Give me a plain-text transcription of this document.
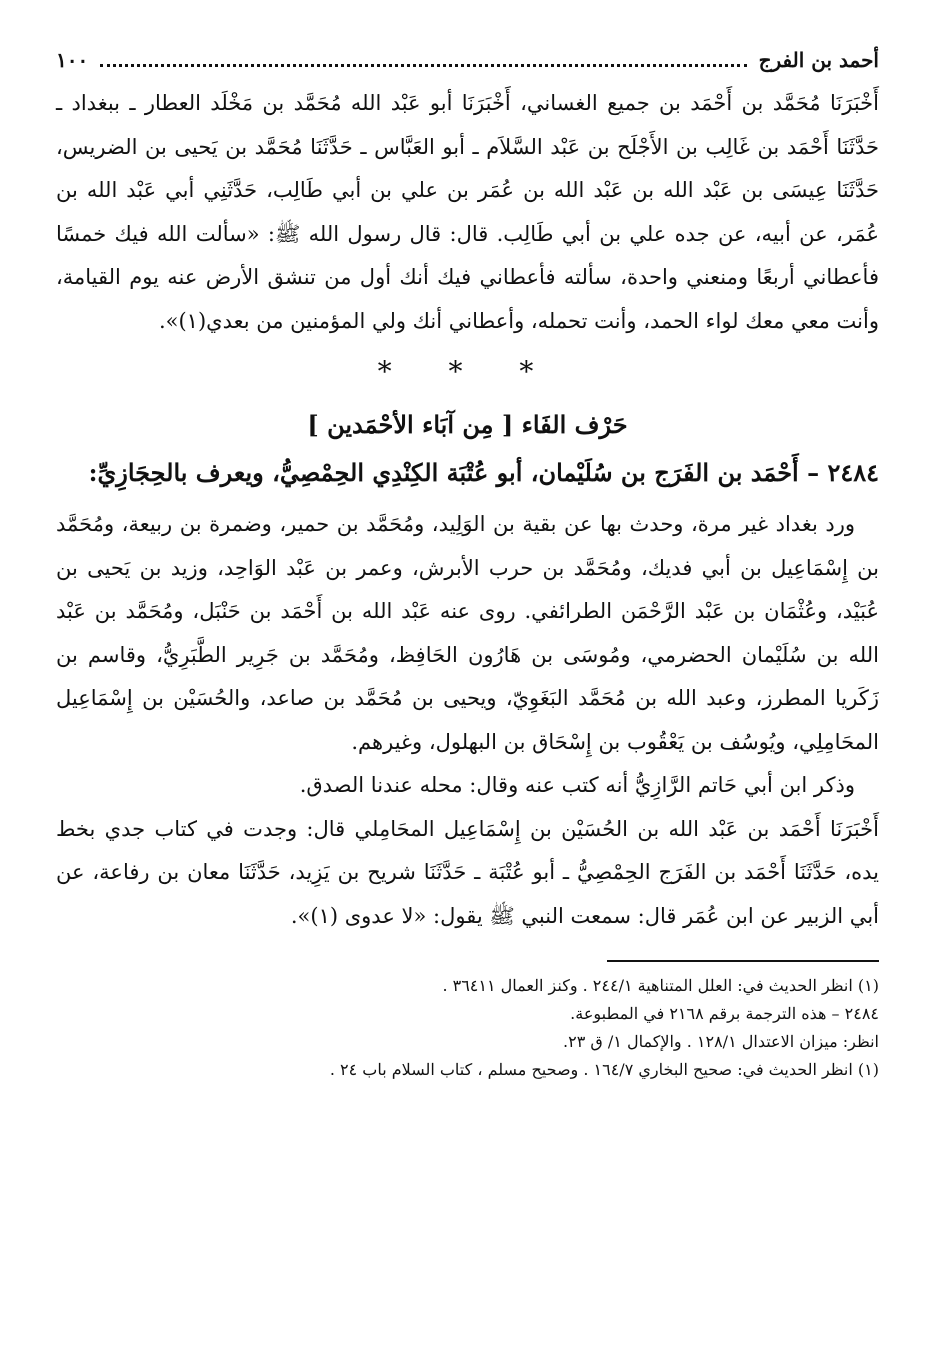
أحمد بن الفرج
١٠٠

أَخْبَرَنَا مُحَمَّد بن أَحْمَد بن جميع الغساني، أَخْبَرَنَا أبو عَبْد الله مُحَمَّد بن مَخْلَد العطار ـ ببغداد ـ حَدَّثَنَا أَحْمَد بن غَالِب بن الأَجْلَح بن عَبْد السَّلاَم ـ أبو العَبَّاس ـ حَدَّثَنَا مُحَمَّد بن يَحيى بن الضريس، حَدَّثَنَا عِيسَى بن عَبْد الله بن عَبْد الله بن عُمَر بن علي بن أبي طَالِب، حَدَّثَنِي أبي عَبْد الله بن عُمَر، عن أبيه، عن جده علي بن أبي طَالِب. قال: قال رسول الله ﷺ: «سألت الله فيك خمسًا فأعطاني أربعًا ومنعني واحدة، سألته فأعطاني فيك أنك أول من تنشق الأرض عنه يوم القيامة، وأنت معي معك لواء الحمد، وأنت تحمله، وأعطاني أنك ولي المؤمنين من بعدي(١)».

* * *
حَرْف الفَاء [ مِن آبَاء الأحْمَدين ]
٢٤٨٤ – أَحْمَد بن الفَرَج بن سُلَيْمان، أبو عُتْبَة الكِنْدِي الحِمْصِيُّ، ويعرف بالحِجَازِيِّ:

ورد بغداد غير مرة، وحدث بها عن بقية بن الوَلِيد، ومُحَمَّد بن حمير، وضمرة بن ربيعة، ومُحَمَّد بن إِسْمَاعِيل بن أبي فديك، ومُحَمَّد بن حرب الأبرش، وعمر بن عَبْد الوَاحِد، وزيد بن يَحيى بن عُبَيْد، وعُثْمَان بن عَبْد الرَّحْمَن الطرائفي. روى عنه عَبْد الله بن أَحْمَد بن حَنْبَل، ومُحَمَّد بن عَبْد الله بن سُلَيْمان الحضرمي، ومُوسَى بن هَارُون الحَافِظ، ومُحَمَّد بن جَرِير الطَّبَرِيُّ، وقاسم بن زَكَريا المطرز، وعبد الله بن مُحَمَّد البَغَوِيّ، ويحيى بن مُحَمَّد بن صاعد، والحُسَيْن بن إِسْمَاعِيل المحَامِلِي، ويُوسُف بن يَعْقُوب بن إِسْحَاق بن البهلول، وغيرهم.

وذكر ابن أبي حَاتم الرَّازِيُّ أنه كتب عنه وقال: محله عندنا الصدق.

أَخْبَرَنَا أَحْمَد بن عَبْد الله بن الحُسَيْن بن إِسْمَاعِيل المحَامِلي قال: وجدت في كتاب جدي بخط يده، حَدَّثَنَا أَحْمَد بن الفَرَج الحِمْصِيُّ ـ أبو عُتْبَة ـ حَدَّثَنَا شريح بن يَزِيد، حَدَّثَنَا معان بن رفاعة، عن أبي الزبير عن ابن عُمَر قال: سمعت النبي ﷺ يقول: «لا عدوى (١)».

(١) انظر الحديث في: العلل المتناهية ٢٤٤/١ . وكنز العمال ٣٦٤١١ .

٢٤٨٤ – هذه الترجمة برقم ٢١٦٨ في المطبوعة.

انظر: ميزان الاعتدال ١٢٨/١ . والإكمال ١/ ق ٢٣.

(١) انظر الحديث في: صحيح البخاري ١٦٤/٧ . وصحيح مسلم ، كتاب السلام باب ٢٤ .
